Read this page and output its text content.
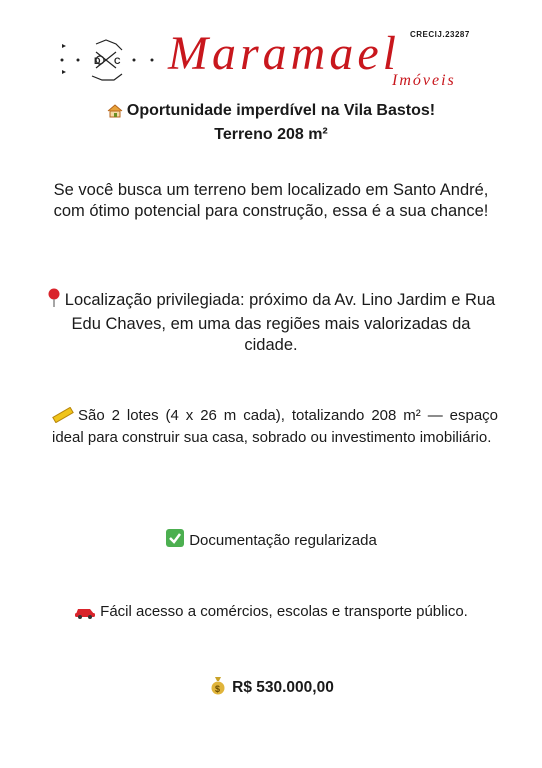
CRECIJ.23287
D C Maramael
Imóveis
Oportunidade imperdível na Vila Bastos!
Terreno 208 m²
Se você busca um terreno bem localizado em Santo André, com ótimo potencial para construção, essa é a sua chance!
Localização privilegiada: próximo da Av. Lino Jardim e Rua Edu Chaves, em uma das regiões mais valorizadas da cidade.
São 2 lotes (4 x 26 m cada), totalizando 208 m² — espaço ideal para construir sua casa, sobrado ou investimento imobiliário.
Documentação regularizada
Fácil acesso a comércios, escolas e transporte público.
$ R$ 530.000,00
